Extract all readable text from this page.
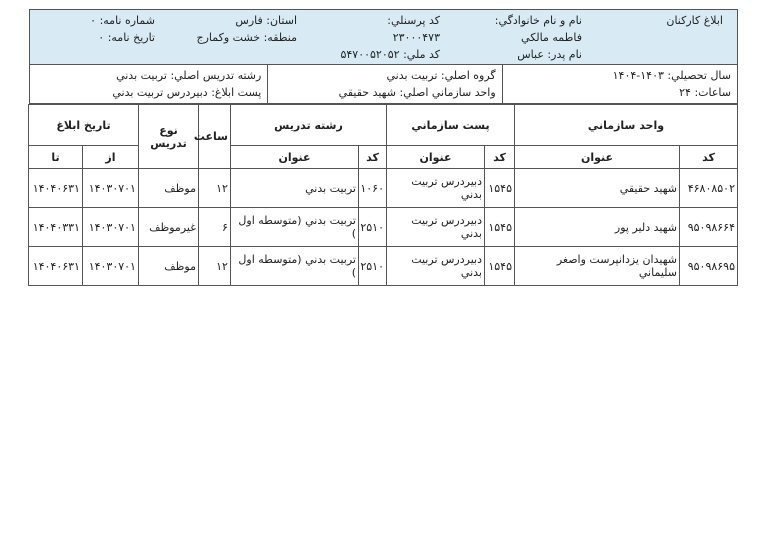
ابلاغ کارکنان
نام و نام خانوادگي:
فاطمه مالكي
نام پدر: عباس
کد پرسنلي:
۲۳۰۰۰۴۷۳
کد ملي: ۵۴۷۰۰۵۲۰۵۲
استان: فارس
منطقه: خشت وكمارج
شماره نامه: ۰
تاريخ نامه: ۰
سال تحصيلي: ۱۴۰۳-۱۴۰۴
ساعات: ۲۴
گروه اصلي: تربيت بدني
واحد سازماني اصلي: شهيد حقيقي
رشته تدريس اصلي: تربيت بدني
پست ابلاغ: دبيردرس تربيت بدني
واحد سازماني		پست سازماني		رشته تدريس		ساعت	نوع تدريس	تاريخ ابلاغ	
کد	عنوان	کد	عنوان	کد	عنوان			از	تا
۴۶۸۰۸۵۰۲	شهيد حقيقي	۱۵۴۵	دبيردرس تربيت بدني	۱۰۶۰	تربيت بدني	۱۲	موظف	۱۴۰۳۰۷۰۱	۱۴۰۴۰۶۳۱
۹۵۰۹۸۶۶۴	شهيد دلير پور	۱۵۴۵	دبيردرس تربيت بدني	۲۵۱۰	تربيت بدني (متوسطه اول )	۶	غيرموظف	۱۴۰۳۰۷۰۱	۱۴۰۴۰۳۳۱
۹۵۰۹۸۶۹۵	شهيدان يزدانپرست واصغر سليماني	۱۵۴۵	دبيردرس تربيت بدني	۲۵۱۰	تربيت بدني (متوسطه اول )	۱۲	موظف	۱۴۰۳۰۷۰۱	۱۴۰۴۰۶۳۱
